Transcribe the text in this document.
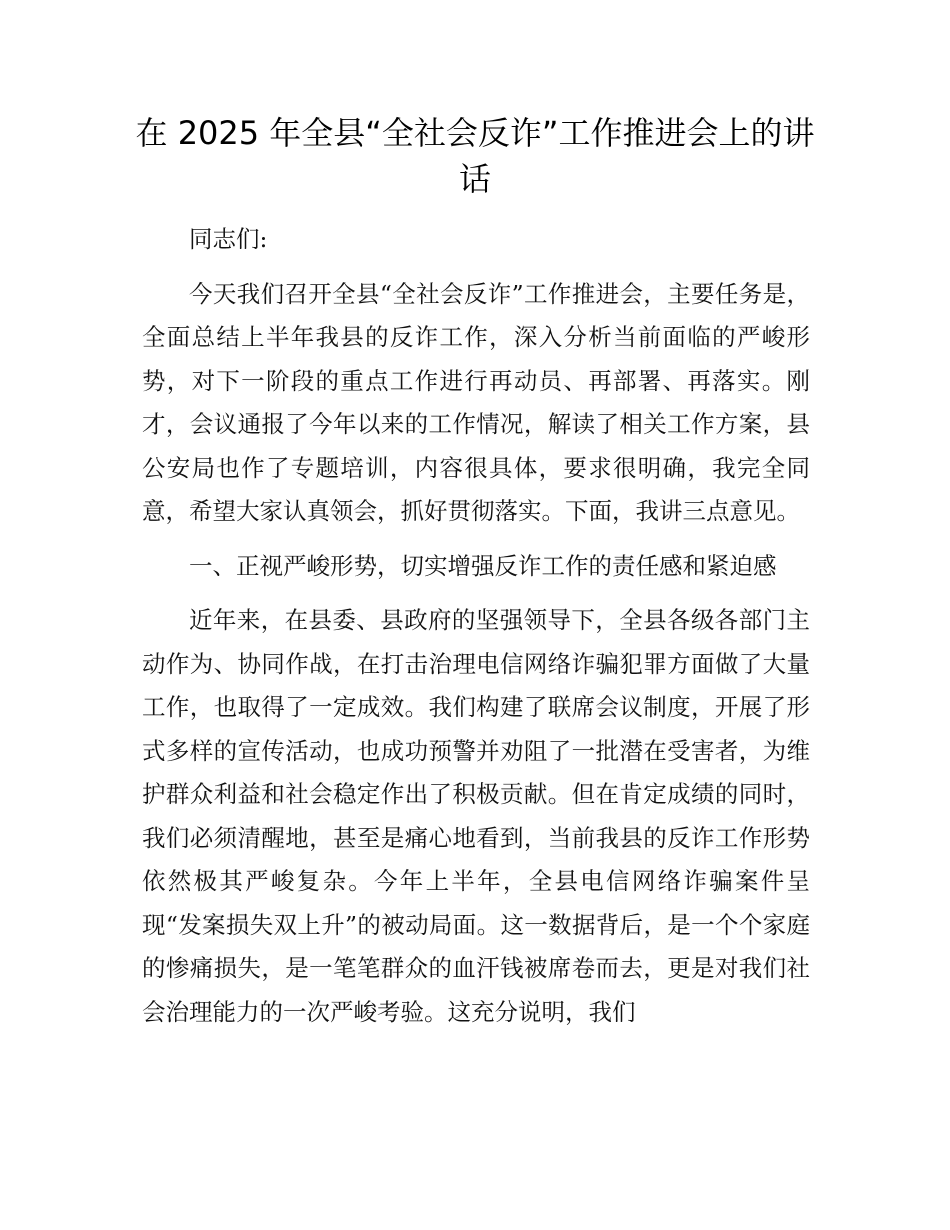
在 2025 年全县“全社会反诈”工作推进会上的讲话

同志们:

今天我们召开全县“全社会反诈”工作推进会，主要任务是，全面总结上半年我县的反诈工作，深入分析当前面临的严峻形势，对下一阶段的重点工作进行再动员、再部署、再落实。刚才，会议通报了今年以来的工作情况，解读了相关工作方案，县公安局也作了专题培训，内容很具体，要求很明确，我完全同意，希望大家认真领会，抓好贯彻落实。下面，我讲三点意见。

一、正视严峻形势，切实增强反诈工作的责任感和紧迫感

近年来，在县委、县政府的坚强领导下，全县各级各部门主动作为、协同作战，在打击治理电信网络诈骗犯罪方面做了大量工作，也取得了一定成效。我们构建了联席会议制度，开展了形式多样的宣传活动，也成功预警并劝阻了一批潜在受害者，为维护群众利益和社会稳定作出了积极贡献。但在肯定成绩的同时，我们必须清醒地，甚至是痛心地看到，当前我县的反诈工作形势依然极其严峻复杂。今年上半年，全县电信网络诈骗案件呈现“发案损失双上升”的被动局面。这一数据背后，是一个个家庭的惨痛损失，是一笔笔群众的血汗钱被席卷而去，更是对我们社会治理能力的一次严峻考验。这充分说明，我们
